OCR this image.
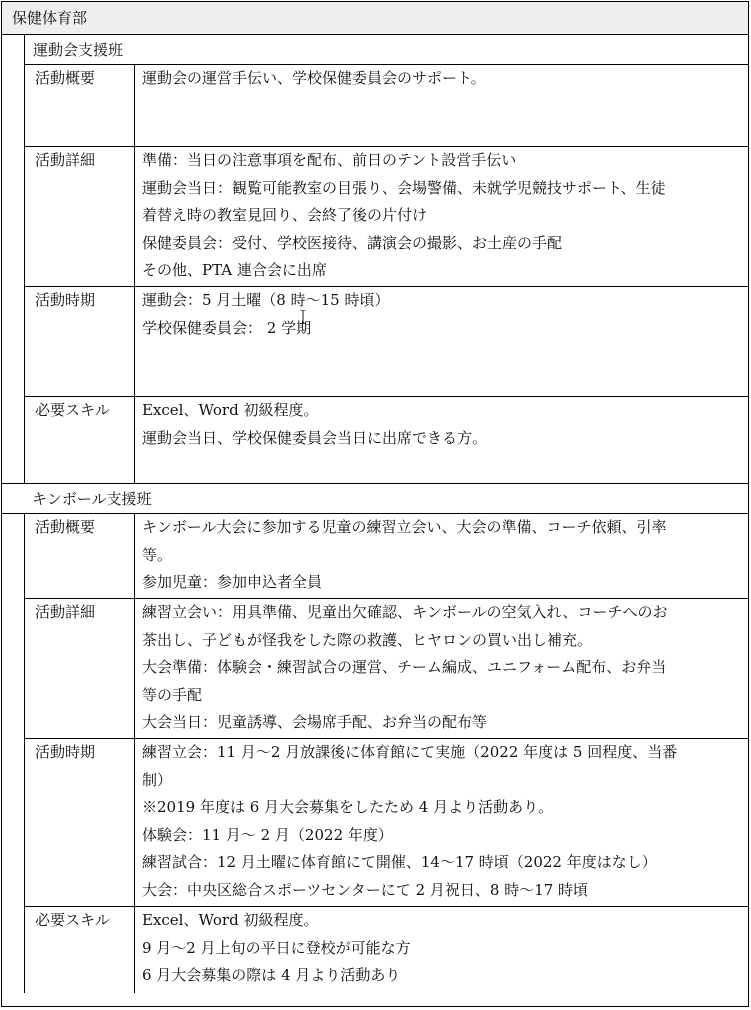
保健体育部
運動会支援班
活動概要	運動会の運営手伝い、学校保健委員会のサポート。
活動詳細	準備：当日の注意事項を配布、前日のテント設営手伝い
運動会当日：観覧可能教室の目張り、会場警備、未就学児競技サポート、生徒
着替え時の教室見回り、会終了後の片付け
保健委員会：受付、学校医接待、講演会の撮影、お土産の手配
その他、PTA 連合会に出席
活動時期	運動会：5 月土曜（8 時～15 時頃）
学校保健委員会： 2 学期
必要スキル	Excel、Word 初級程度。
運動会当日、学校保健委員会当日に出席できる方。
キンボール支援班
活動概要	キンボール大会に参加する児童の練習立会い、大会の準備、コーチ依頼、引率
等。
参加児童：参加申込者全員
活動詳細	練習立会い：用具準備、児童出欠確認、キンボールの空気入れ、コーチへのお
茶出し、子どもが怪我をした際の救護、ヒヤロンの買い出し補充。
大会準備：体験会・練習試合の運営、チーム編成、ユニフォーム配布、お弁当
等の手配
大会当日：児童誘導、会場席手配、お弁当の配布等
活動時期	練習立会：11 月～2 月放課後に体育館にて実施（2022 年度は 5 回程度、当番
制）
※2019 年度は 6 月大会募集をしたため 4 月より活動あり。
体験会：11 月～ 2 月（2022 年度）
練習試合：12 月土曜に体育館にて開催、14～17 時頃（2022 年度はなし）
大会：中央区総合スポーツセンターにて 2 月祝日、8 時～17 時頃
必要スキル	Excel、Word 初級程度。
9 月～2 月上旬の平日に登校が可能な方
6 月大会募集の際は 4 月より活動あり
